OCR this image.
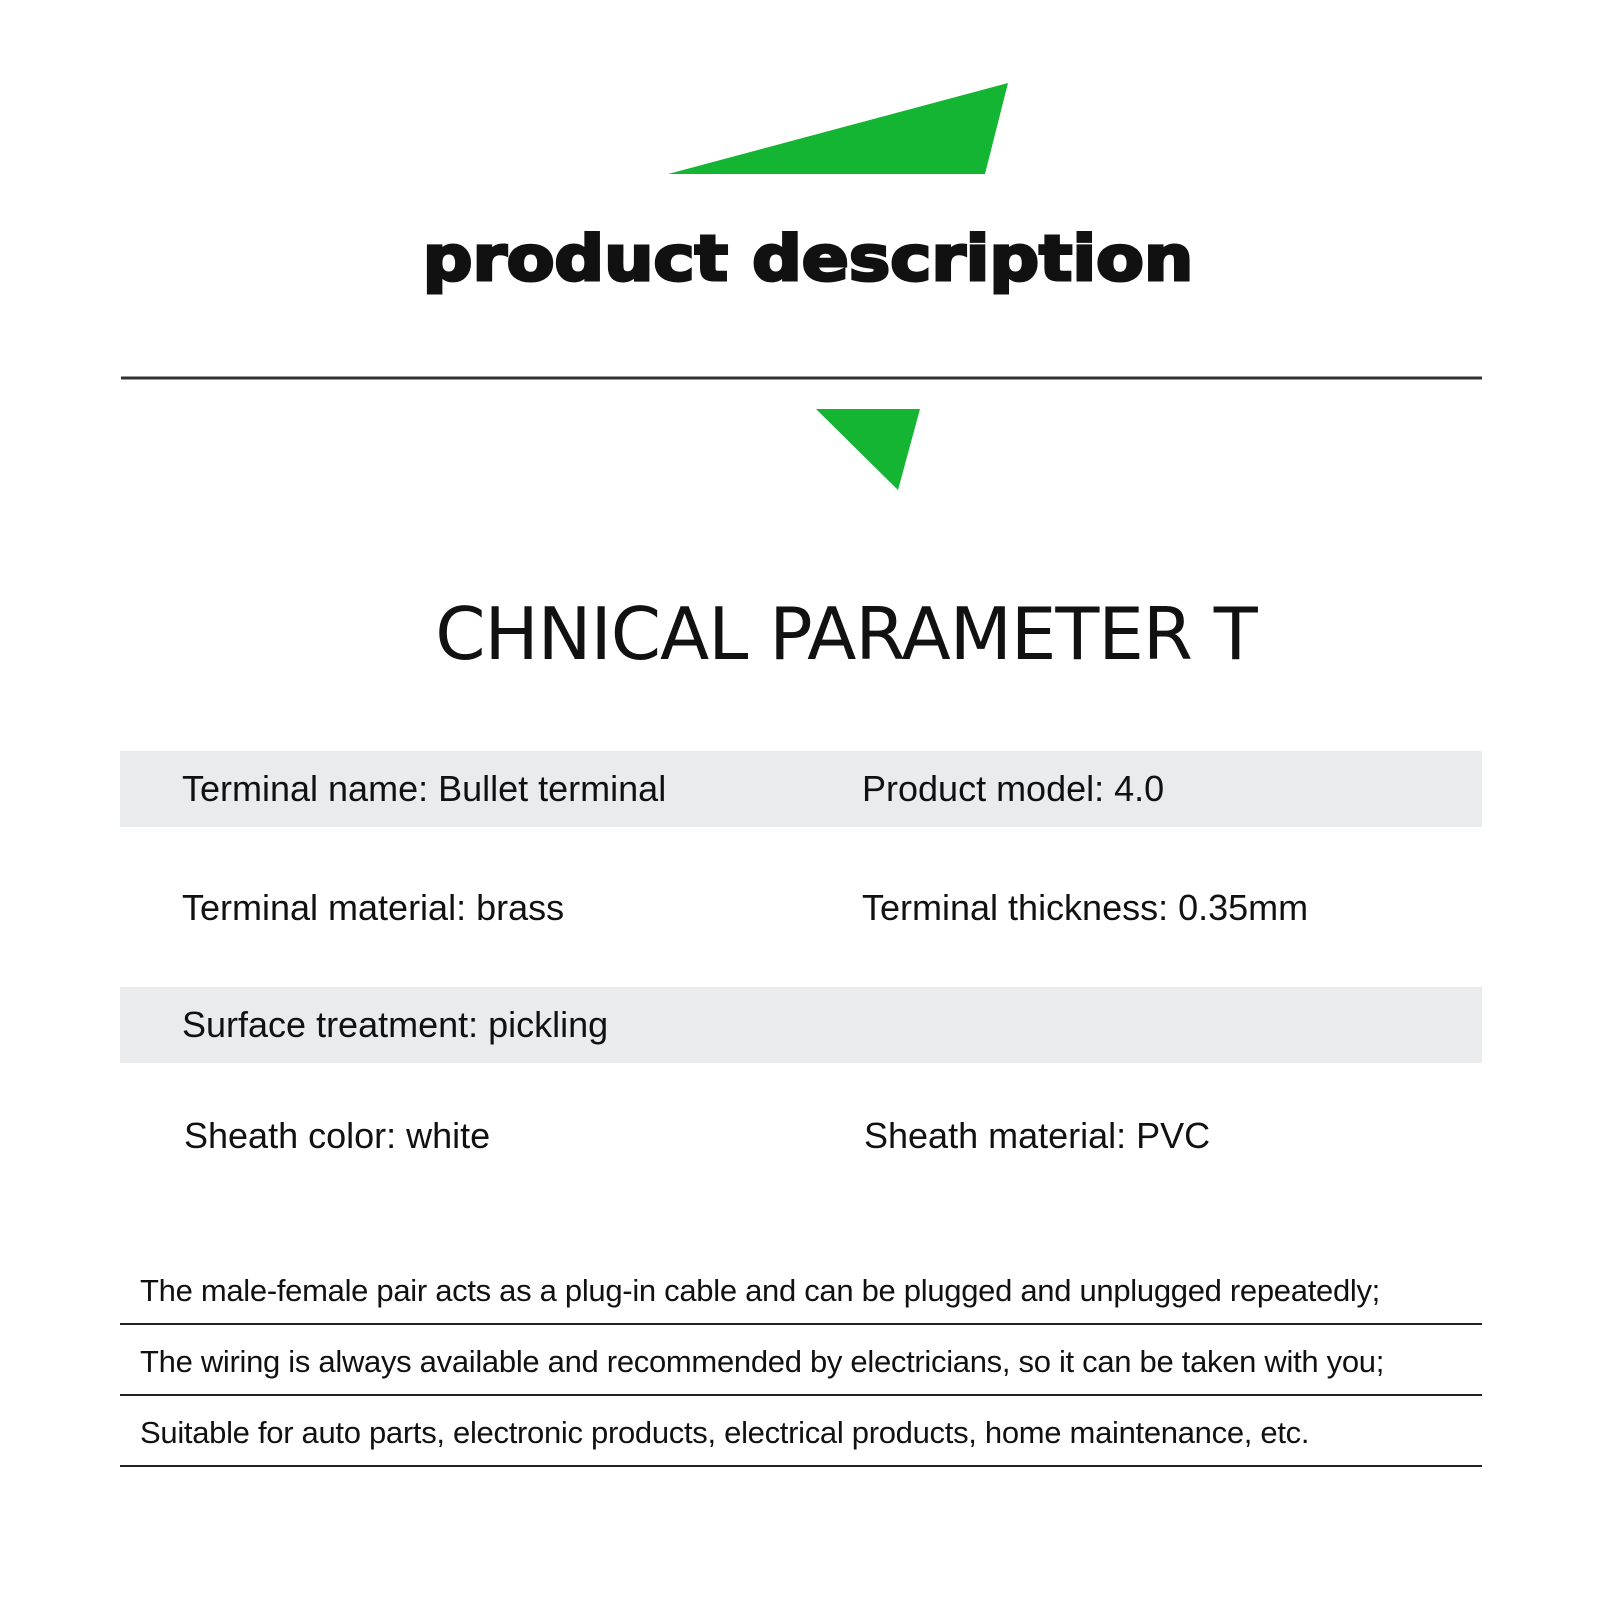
product description
CHNICAL PARAMETER T
Terminal name: Bullet terminal	Product model: 4.0
Terminal material: brass	Terminal thickness: 0.35mm
Surface treatment: pickling
Sheath color: white	Sheath material: PVC
The male-female pair acts as a plug-in cable and can be plugged and unplugged repeatedly;
The wiring is always available and recommended by electricians, so it can be taken with you;
Suitable for auto parts, electronic products, electrical products, home maintenance, etc.
